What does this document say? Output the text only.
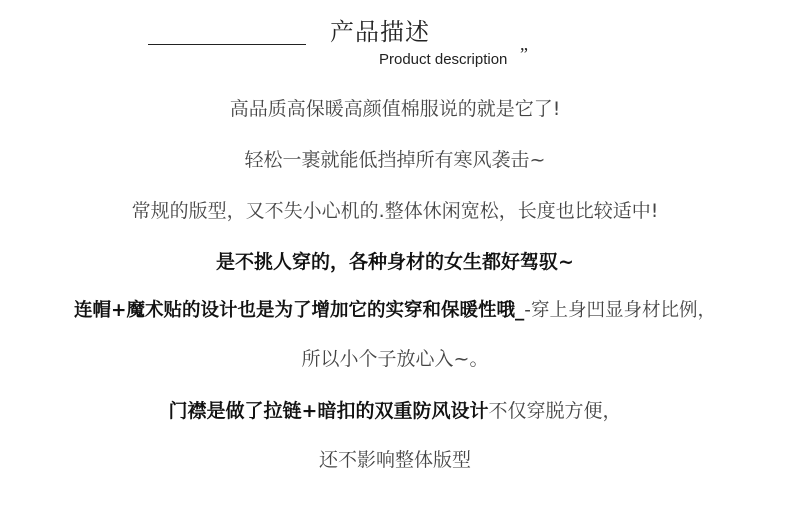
产品描述
Product description ”
高品质高保暖高颜值棉服说的就是它了!
轻松一裹就能低挡掉所有寒风袭击~
常规的版型，又不失小心机的.整体休闲宽松，长度也比较适中!
是不挑人穿的，各种身材的女生都好驾驭~
连帽+魔术贴的设计也是为了增加它的实穿和保暖性哦_-穿上身凹显身材比例，
所以小个子放心入~。
门襟是做了拉链+暗扣的双重防风设计不仅穿脱方便，
还不影响整体版型
